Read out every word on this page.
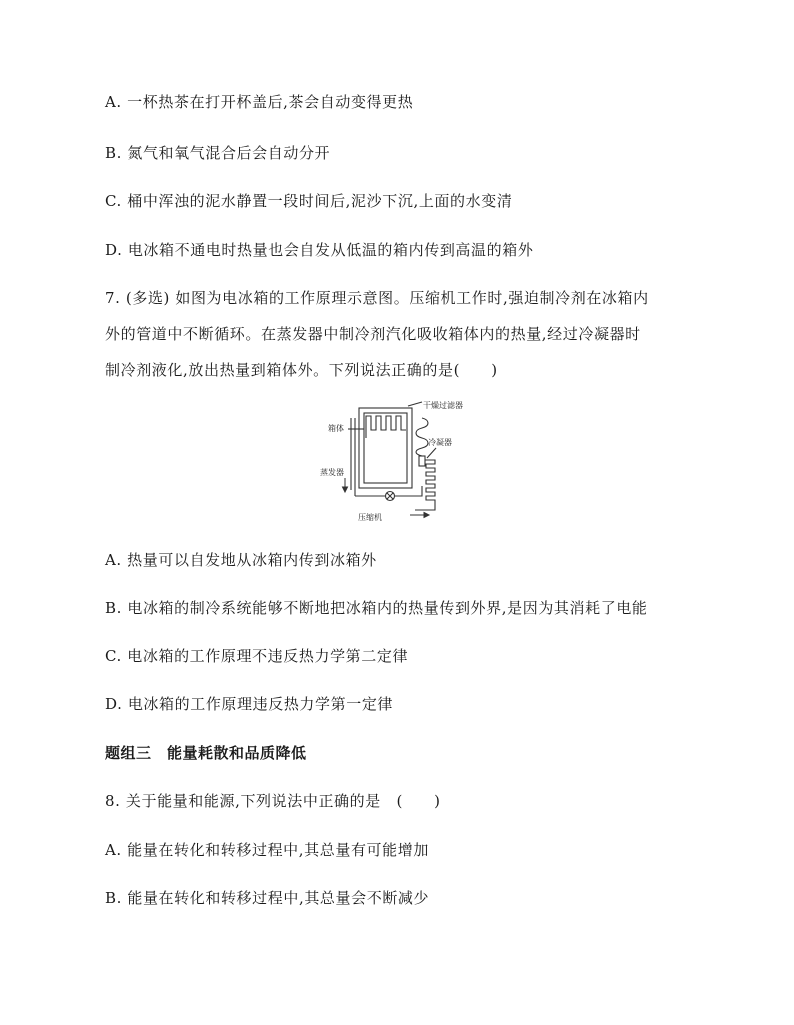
A. 一杯热茶在打开杯盖后,茶会自动变得更热
B. 氮气和氧气混合后会自动分开
C. 桶中浑浊的泥水静置一段时间后,泥沙下沉,上面的水变清
D. 电冰箱不通电时热量也会自发从低温的箱内传到高温的箱外
7. (多选) 如图为电冰箱的工作原理示意图。压缩机工作时,强迫制冷剂在冰箱内
外的管道中不断循环。在蒸发器中制冷剂汽化吸收箱体内的热量,经过冷凝器时
制冷剂液化,放出热量到箱体外。下列说法正确的是(　　)
干燥过滤器
箱体
冷凝器
蒸发器
压缩机
A. 热量可以自发地从冰箱内传到冰箱外
B. 电冰箱的制冷系统能够不断地把冰箱内的热量传到外界,是因为其消耗了电能
C. 电冰箱的工作原理不违反热力学第二定律
D. 电冰箱的工作原理违反热力学第一定律
题组三　能量耗散和品质降低
8. 关于能量和能源,下列说法中正确的是　(　　)
A. 能量在转化和转移过程中,其总量有可能增加
B. 能量在转化和转移过程中,其总量会不断减少
